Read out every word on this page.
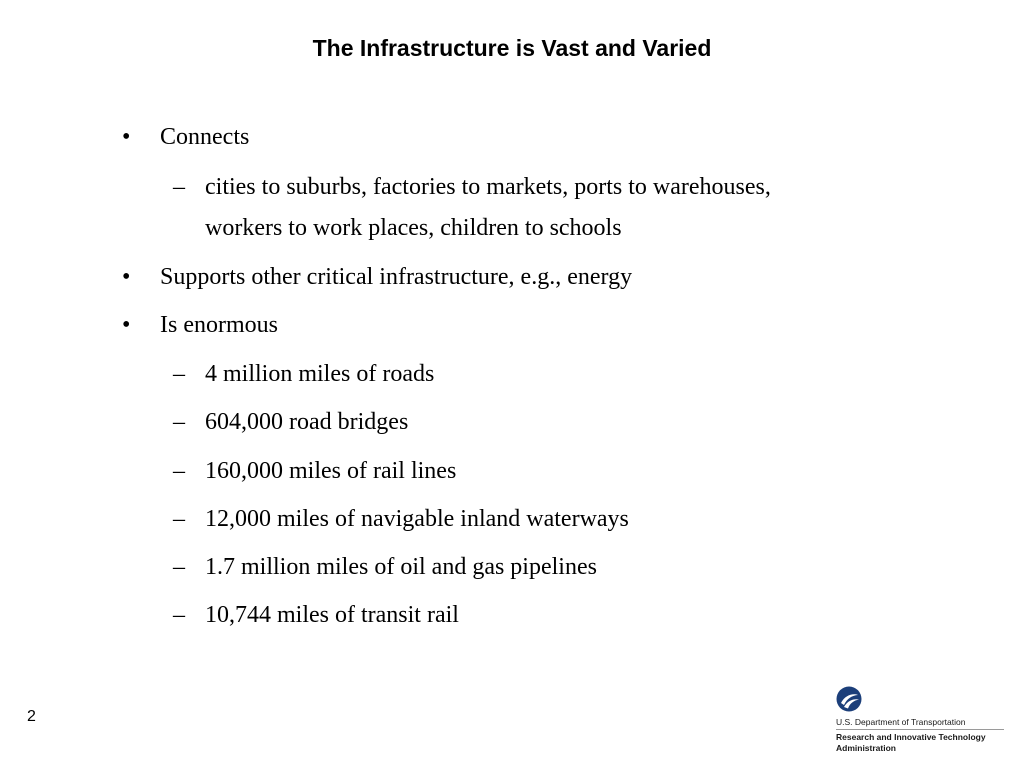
The Infrastructure is Vast and Varied
• Connects
– cities to suburbs, factories to markets, ports to warehouses,
workers to work places, children to schools
• Supports other critical infrastructure, e.g., energy
• Is enormous
– 4 million miles of roads
– 604,000 road bridges
– 160,000 miles of rail lines
– 12,000 miles of navigable inland waterways
– 1.7 million miles of oil and gas pipelines
– 10,744 miles of transit rail
2	U.S. Department of Transportation
Research and Innovative Technology
Administration
